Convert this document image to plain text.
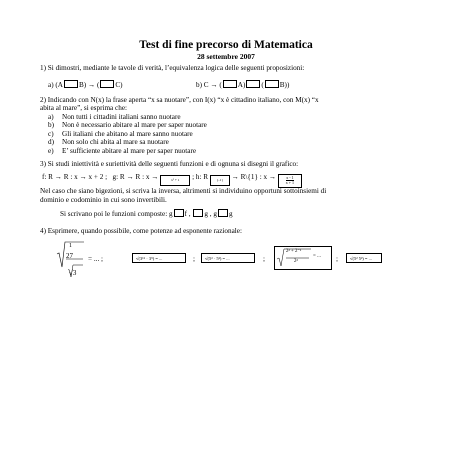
Test di fine precorso di Matematica
28 settembre 2007
1) Si dimostri, mediante le tavole di verità, l’equivalenza logica delle seguenti proposizioni:
a) (A B) → ( C)	b) C → ( A) ( B))
2) Indicando con N(x) la frase aperta “x sa nuotare”, con I(x) “x è cittadino italiano, con M(x) “x
abita al mare”, si esprima che:
a) Non tutti i cittadini italiani sanno nuotare
b) Non è necessario abitare al mare per saper nuotare
c) Gli italiani che abitano al mare sanno nuotare
d) Non solo chi abita al mare sa nuotare
e) E’ sufficiente abitare al mare per saper nuotare
3) Si studi iniettività e suriettività delle seguenti funzioni e di ognuna si disegni il grafico:
f: R → R : x → x + 2 ; g: R → R : x →	x² + 1 ; h: R {-1} → R\{1} : $x \to \frac{x - 1}{x + 1}$
Nel caso che siano bigezioni, si scriva la inversa, altrimenti si individuino opportuni sottoinsiemi di
dominio e codominio in cui sono invertibili.
Si scrivano poi le funzioni composte: g f , g , g g
4) Esprimere, quando possibile, come potenze ad esponente razionale:
1
27
√3
= ... ;	√(3¹⁶ · 3⁹) = ...	;	√(5³ · 5³) = ...	;
2² + 2⁻¹
2²
= ... ;	√(5² 5³) = ...
